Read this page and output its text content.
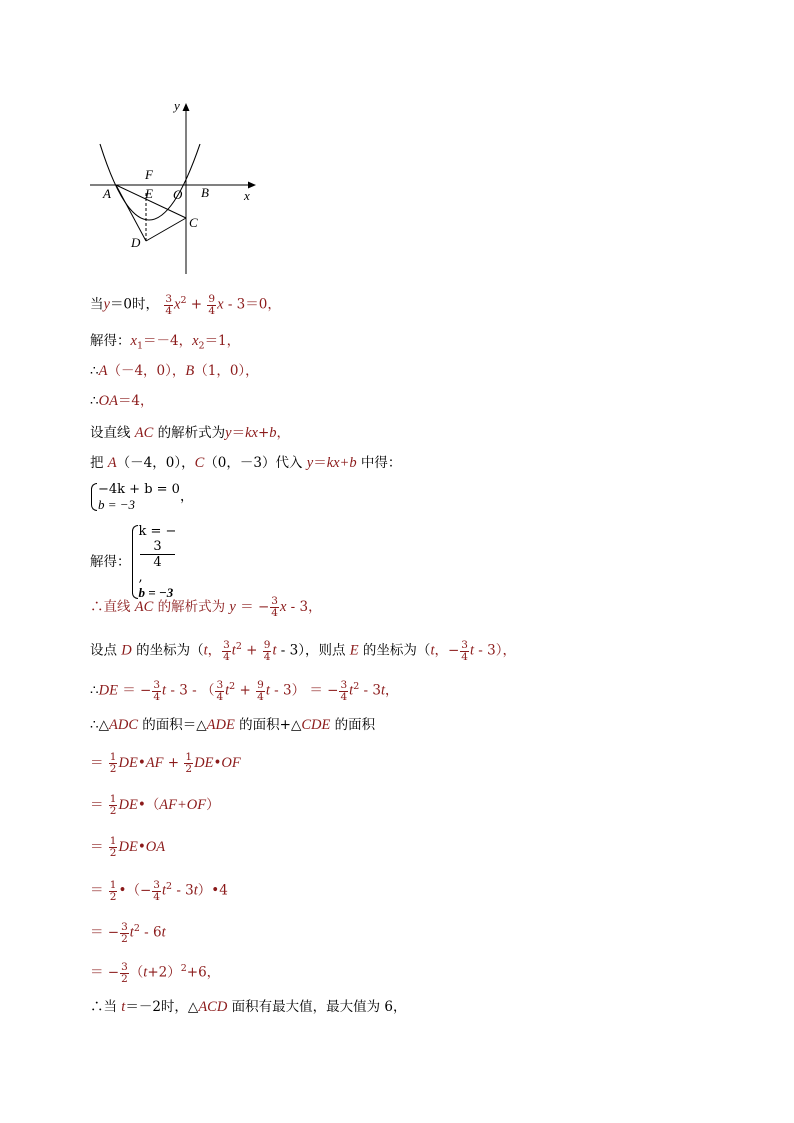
y
x
F
A	E O B
C
D
当y＝0时， $\frac{3}{4} x^2 + \frac{9}{4}$ x - 3＝0，
解得：$x_1=-4$，$x_2=1$，
∴A（－4，0），B（1，0），
∴OA＝4，
设直线 AC 的解析式为y＝kx+b，
把 A（－4，0），C（0，－3）代入 y＝kx+b 中得：
−4k + b = 0
b = −3	，
解得：
k = −
3
4
,
b = −3
∴直线 AC 的解析式为 y ＝ − $\frac{3}{4}$ x - 3，
设点 D 的坐标为（t， $\frac{3}{4} t^2 + \frac{9}{4}$ t - 3），则点 E 的坐标为（t，− $\frac{3}{4}$ t - 3），
∴DE ＝ − $\frac{3}{4}$ t - 3 - （ $\frac{3}{4} t^2 + \frac{9}{4}$ t - 3） ＝ − $\frac{3}{4} t^2 - 3t$，
∴△ADC 的面积＝△ADE 的面积+△CDE 的面积
＝ $\frac{1}{2}$ DE•AF + $\frac{1}{2}$ DE•OF
＝ $\frac{1}{2}$ DE•（AF+OF）
＝ $\frac{1}{2}$ DE•OA
＝ $\frac{1}{2}$ •（− $\frac{3}{4} t^2$ - 3t）•4
＝ − $\frac{3}{2} t^2 - 6t$
＝ − $\frac{3}{2} (t+2)^2+6$，
∴当 t＝－2时，△ACD 面积有最大值，最大值为 6，
